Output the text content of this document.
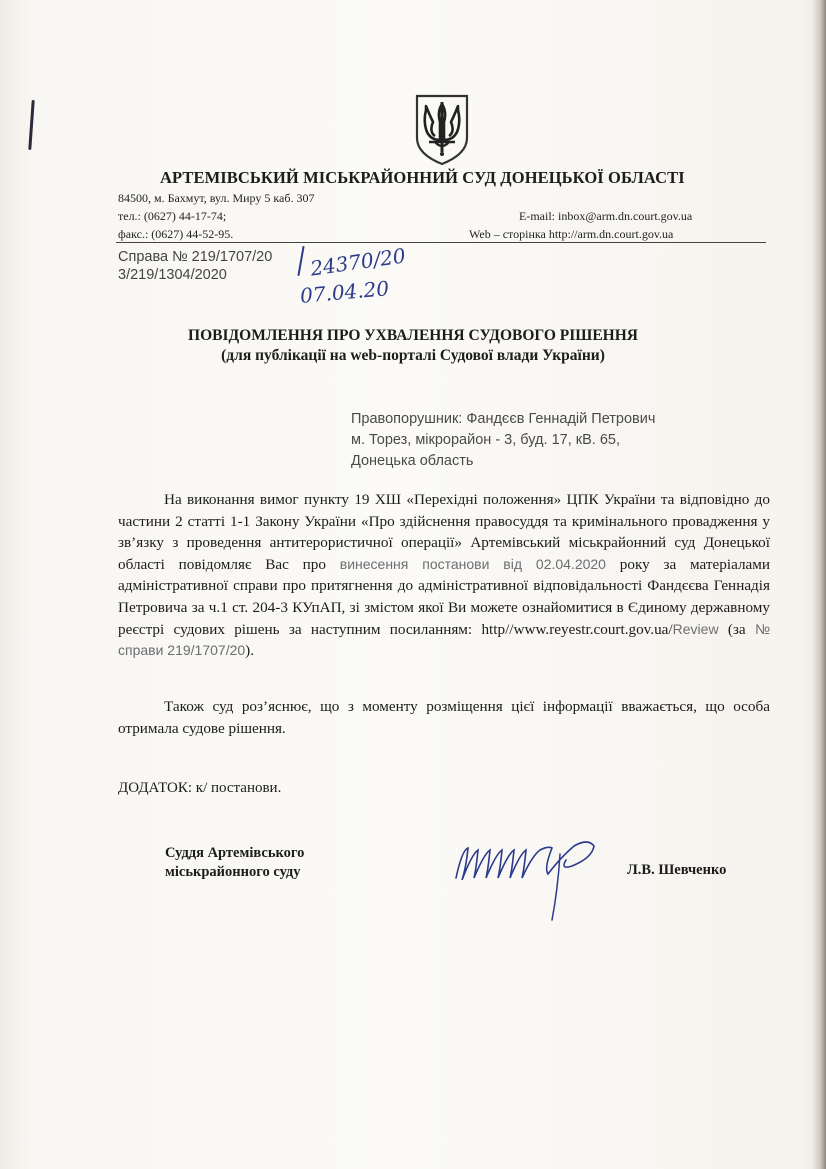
АРТЕМІВСЬКИЙ МІСЬКРАЙОННИЙ СУД ДОНЕЦЬКОЇ ОБЛАСТІ
84500, м. Бахмут, вул. Миру 5 каб. 307
тел.: (0627) 44-17-74;
факс.: (0627) 44-52-95.
E-mail: inbox@arm.dn.court.gov.ua
Web – сторінка http://arm.dn.court.gov.ua
Справа № 219/1707/20
3/219/1304/2020	24370/20
07.04.20
ПОВІДОМЛЕННЯ ПРО УХВАЛЕННЯ СУДОВОГО РІШЕННЯ
(для публікації на web-порталі Судової влади України)
Правопорушник: Фандєєв Геннадій Петрович
м. Торез, мікрорайон - 3, буд. 17, кВ. 65,
Донецька область
На виконання вимог пункту 19 ХШ «Перехідні положення» ЦПК України та відповідно до частини 2 статті 1-1 Закону України «Про здійснення правосуддя та кримінального провадження у зв’язку з проведення антитерористичної операції» Артемівський міськрайонний суд Донецької області повідомляє Вас про винесення постанови від 02.04.2020 року за матеріалами адміністративної справи про притягнення до адміністративної відповідальності Фандєєва Геннадія Петровича за ч.1 ст. 204-3 КУпАП, зі змістом якої Ви можете ознайомитися в Єдиному державному реєстрі судових рішень за наступним посиланням: http//www.reyestr.court.gov.ua/Review (за № справи 219/1707/20).
Також суд роз’яснює, що з моменту розміщення цієї інформації вважається, що особа отримала судове рішення.
ДОДАТОК: к/ постанови.
Суддя Артемівського
міськрайонного суду	Л.В. Шевченко
